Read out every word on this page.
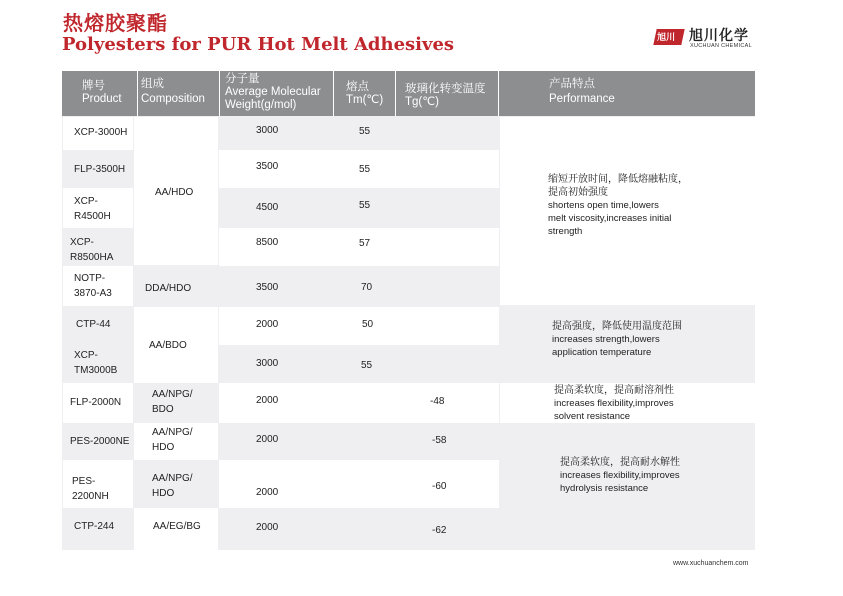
热熔胶聚酯
Polyesters for PUR Hot Melt Adhesives	旭川 旭川化学
XUCHUAN CHEMICAL
牌号
Product
组成
Composition
分子量
Average Molecular
Weight(g/mol)
熔点
Tm(℃)
玻璃化转变温度
Tg(℃)
产品特点
Performance
XCP-3000H
FLP-3500H
XCP-
R4500H
XCP-
R8500HA
NOTP-
3870-A3
CTP-44
XCP-
TM3000B
FLP-2000N
PES-2000NE
PES-
2200NH
CTP-244
AA/HDO
DDA/HDO
AA/BDO
AA/NPG/
BDO
AA/NPG/
HDO
AA/NPG/
HDO
AA/EG/BG
3000
3500
4500
8500
3500
2000
3000
2000
2000
2000
2000
55
55
55
57
70
50
55
-48
-58
-60
-62
缩短开放时间，降低熔融粘度，
提高初始强度
shortens open time,lowers
melt viscosity,increases initial
strength
提高强度，降低使用温度范围
increases strength,lowers
application temperature
提高柔软度，提高耐溶剂性
increases flexibility,improves
solvent resistance
提高柔软度，提高耐水解性
increases flexibility,improves
hydrolysis resistance
www.xuchuanchem.com
